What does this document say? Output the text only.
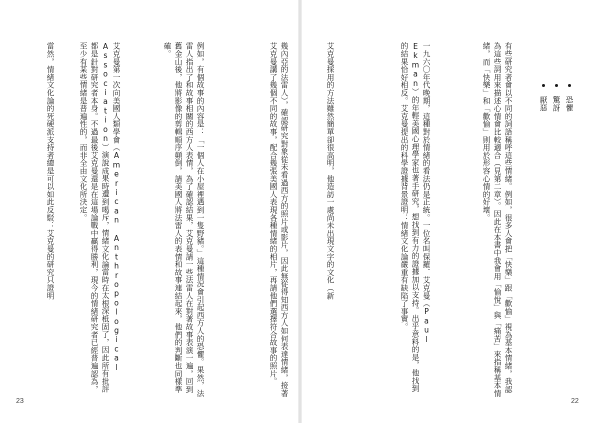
恐懼
驚訝
厭惡

有些研究者會以不同的詞語稱呼這些情緒。例如，很多人會把「快樂」跟「歡愉」視為基本情緒，我認為這些詞用來描述心情會比較適合（見第二章）。因此在本書中我會用「愉悅」與「痛苦」來指稱基本情緒，而「快樂」和「歡愉」則用於形容心情的好壞。

一九六〇年代晚期，這種對於情緒的看法仍是正統。一位名叫保羅．艾克曼（Paul Ekman）的年輕美國心理學家也著手研究，想找到有力的證據加以支持。出乎意料的是，他找到的結果恰好相反。艾克曼提出的科學證據背景證明：情緒文化論嚴重有缺陷了事實。

艾克曼採用的方法雖然簡單卻很高明，他造訪一處尚未出現文字的文化（新

幾內亞的法雷人），確認研究對象從未看過西方的照片或影片，因此無從得知西方人如何表達情緒，接著艾克曼講了幾個不同的故事，配合幾張美國人表現各種情緒的相片，再請他們選擇符合故事的照片。

例如，有個故事的內容是：「一個人在小屋裡遇到一隻野豬。」這種情況會引起西方人的恐懼。果然，法雷人指出了和故事相關的西方人表情，為了確認結果，艾克曼請一些法雷人在對著故事表演一遍，回到舊金山後，他將影像的剪輯順序顛倒，請美國人將法雷人的表情和故事連結起來，他們的判斷也同樣準確。

艾克曼第一次向美國人類學會（American Anthropological Association）演說成果時遭到喝斥，情緒文化論當時在太根深柢固了，因此所有批評都是針對研究者本身。不過最後艾克曼還是在這場論戰中贏得勝利，現今的情緒研究者已經普遍認為，至少有某些情緒是普遍性的，而非全由文化所決定。

當然，情緒文化論的死硬派支持者總是可以如此反駁：艾克曼的研究只證明

23	22
